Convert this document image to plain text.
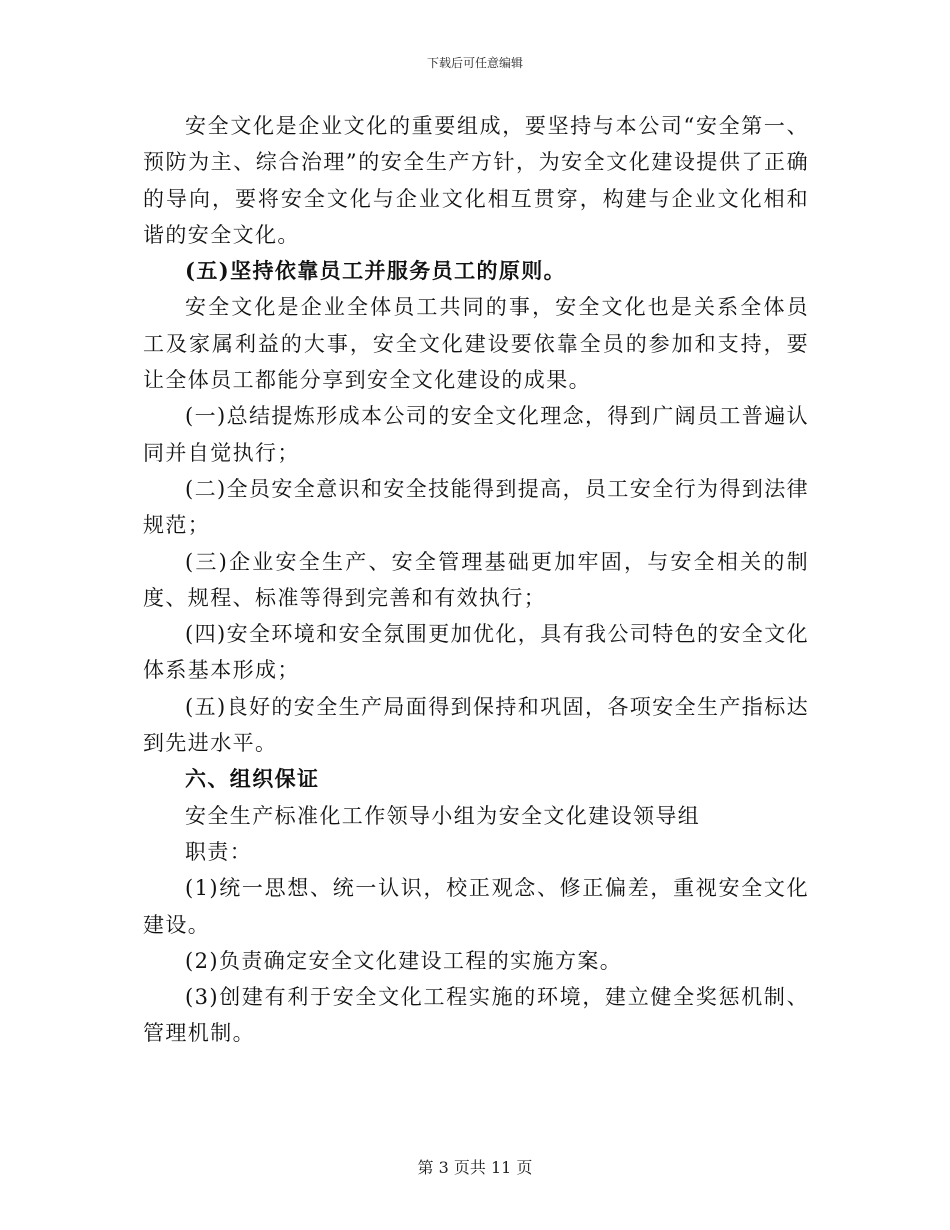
下载后可任意编辑

安全文化是企业文化的重要组成，要坚持与本公司“安全第一、预防为主、综合治理”的安全生产方针，为安全文化建设提供了正确的导向，要将安全文化与企业文化相互贯穿，构建与企业文化相和谐的安全文化。

(五)坚持依靠员工并服务员工的原则。

安全文化是企业全体员工共同的事，安全文化也是关系全体员工及家属利益的大事，安全文化建设要依靠全员的参加和支持，要让全体员工都能分享到安全文化建设的成果。

(一)总结提炼形成本公司的安全文化理念，得到广阔员工普遍认同并自觉执行；

(二)全员安全意识和安全技能得到提高，员工安全行为得到法律规范；

(三)企业安全生产、安全管理基础更加牢固，与安全相关的制度、规程、标准等得到完善和有效执行；

(四)安全环境和安全氛围更加优化，具有我公司特色的安全文化体系基本形成；

(五)良好的安全生产局面得到保持和巩固，各项安全生产指标达到先进水平。

六、组织保证

安全生产标准化工作领导小组为安全文化建设领导组

职责：

(1)统一思想、统一认识，校正观念、修正偏差，重视安全文化建设。

(2)负责确定安全文化建设工程的实施方案。

(3)创建有利于安全文化工程实施的环境，建立健全奖惩机制、管理机制。

第 3 页共 11 页
